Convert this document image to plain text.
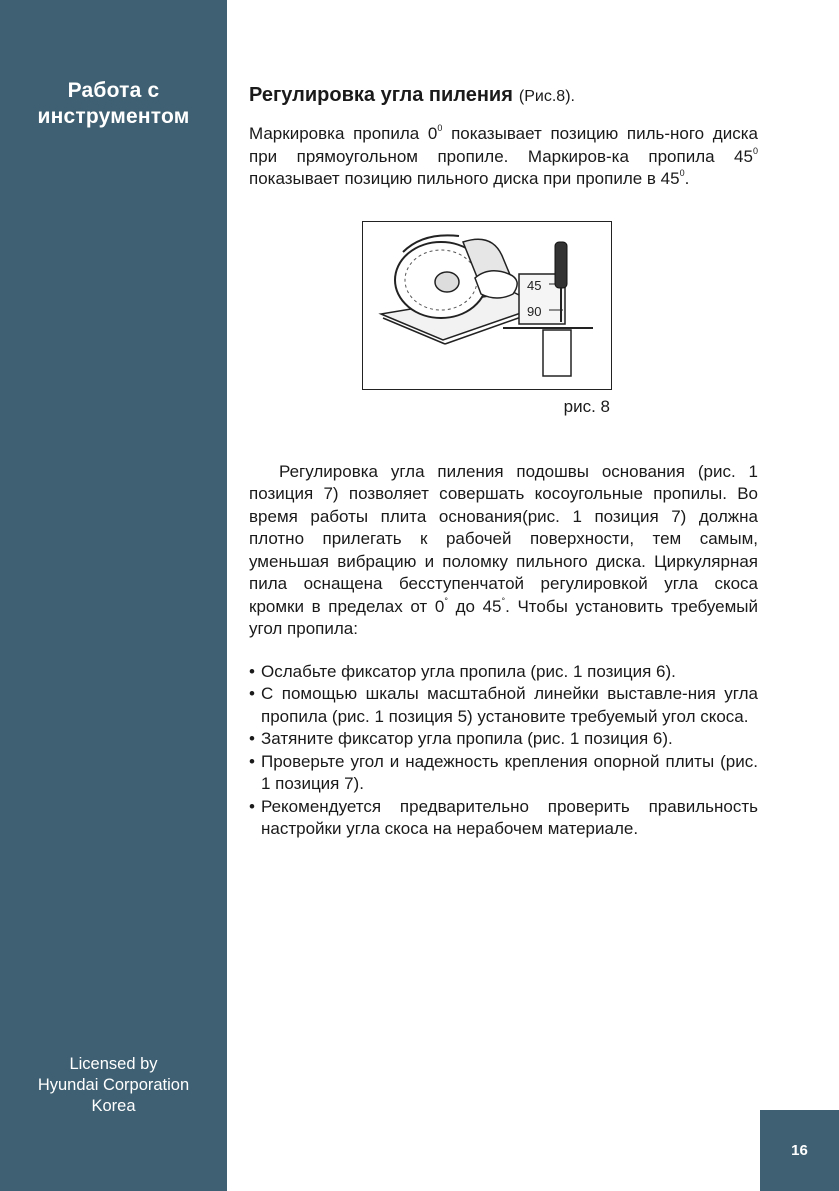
Работа с
инструментом
Licensed by
Hyundai Corporation
Korea
16
Регулировка угла пиления (Рис.8).

Маркировка пропила $0^0$ показывает позицию пиль-ного диска при прямоугольном пропиле. Маркиров-ка пропила $45^0$ показывает позицию пильного диска при пропиле в $45^0$.

45
90

рис. 8

Регулировка угла пиления подошвы основания (рис. 1 позиция 7) позволяет совершать косоугольные пропилы. Во время работы плита основания(рис. 1 позиция 7) должна плотно прилегать к рабочей поверхности, тем самым, уменьшая вибрацию и поломку пильного диска. Циркулярная пила оснащена бесступенчатой регулировкой угла скоса кромки в пределах от 0° до 45°. Чтобы установить требуемый угол пропила:

• Ослабьте фиксатор угла пропила (рис. 1 позиция 6).
• С помощью шкалы масштабной линейки выставле-ния угла пропила (рис. 1 позиция 5) установите требуемый угол скоса.
• Затяните фиксатор угла пропила (рис. 1 позиция 6).
• Проверьте угол и надежность крепления опорной плиты (рис. 1 позиция 7).
• Рекомендуется предварительно проверить правильность настройки угла скоса на нерабочем материале.
